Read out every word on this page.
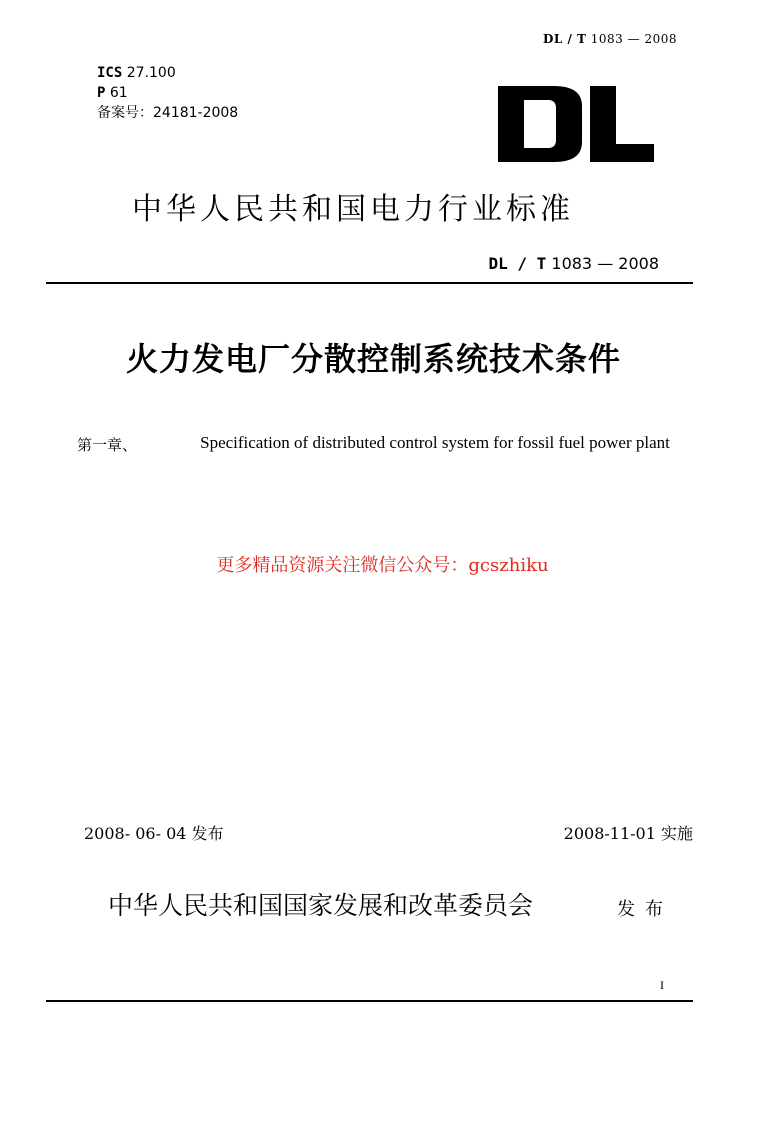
DL / T 1083 — 2008
ICS 27.100
P 61
备案号：24181-2008
中华人民共和国电力行业标准
DL / T 1083 — 2008
火力发电厂分散控制系统技术条件
第一章、	Specification of distributed control system for fossil fuel power plant
更多精品资源关注微信公众号：gcszhiku
2008- 06- 04 发布	2008-11-01 实施
中华人民共和国国家发展和改革委员会	发布
I
